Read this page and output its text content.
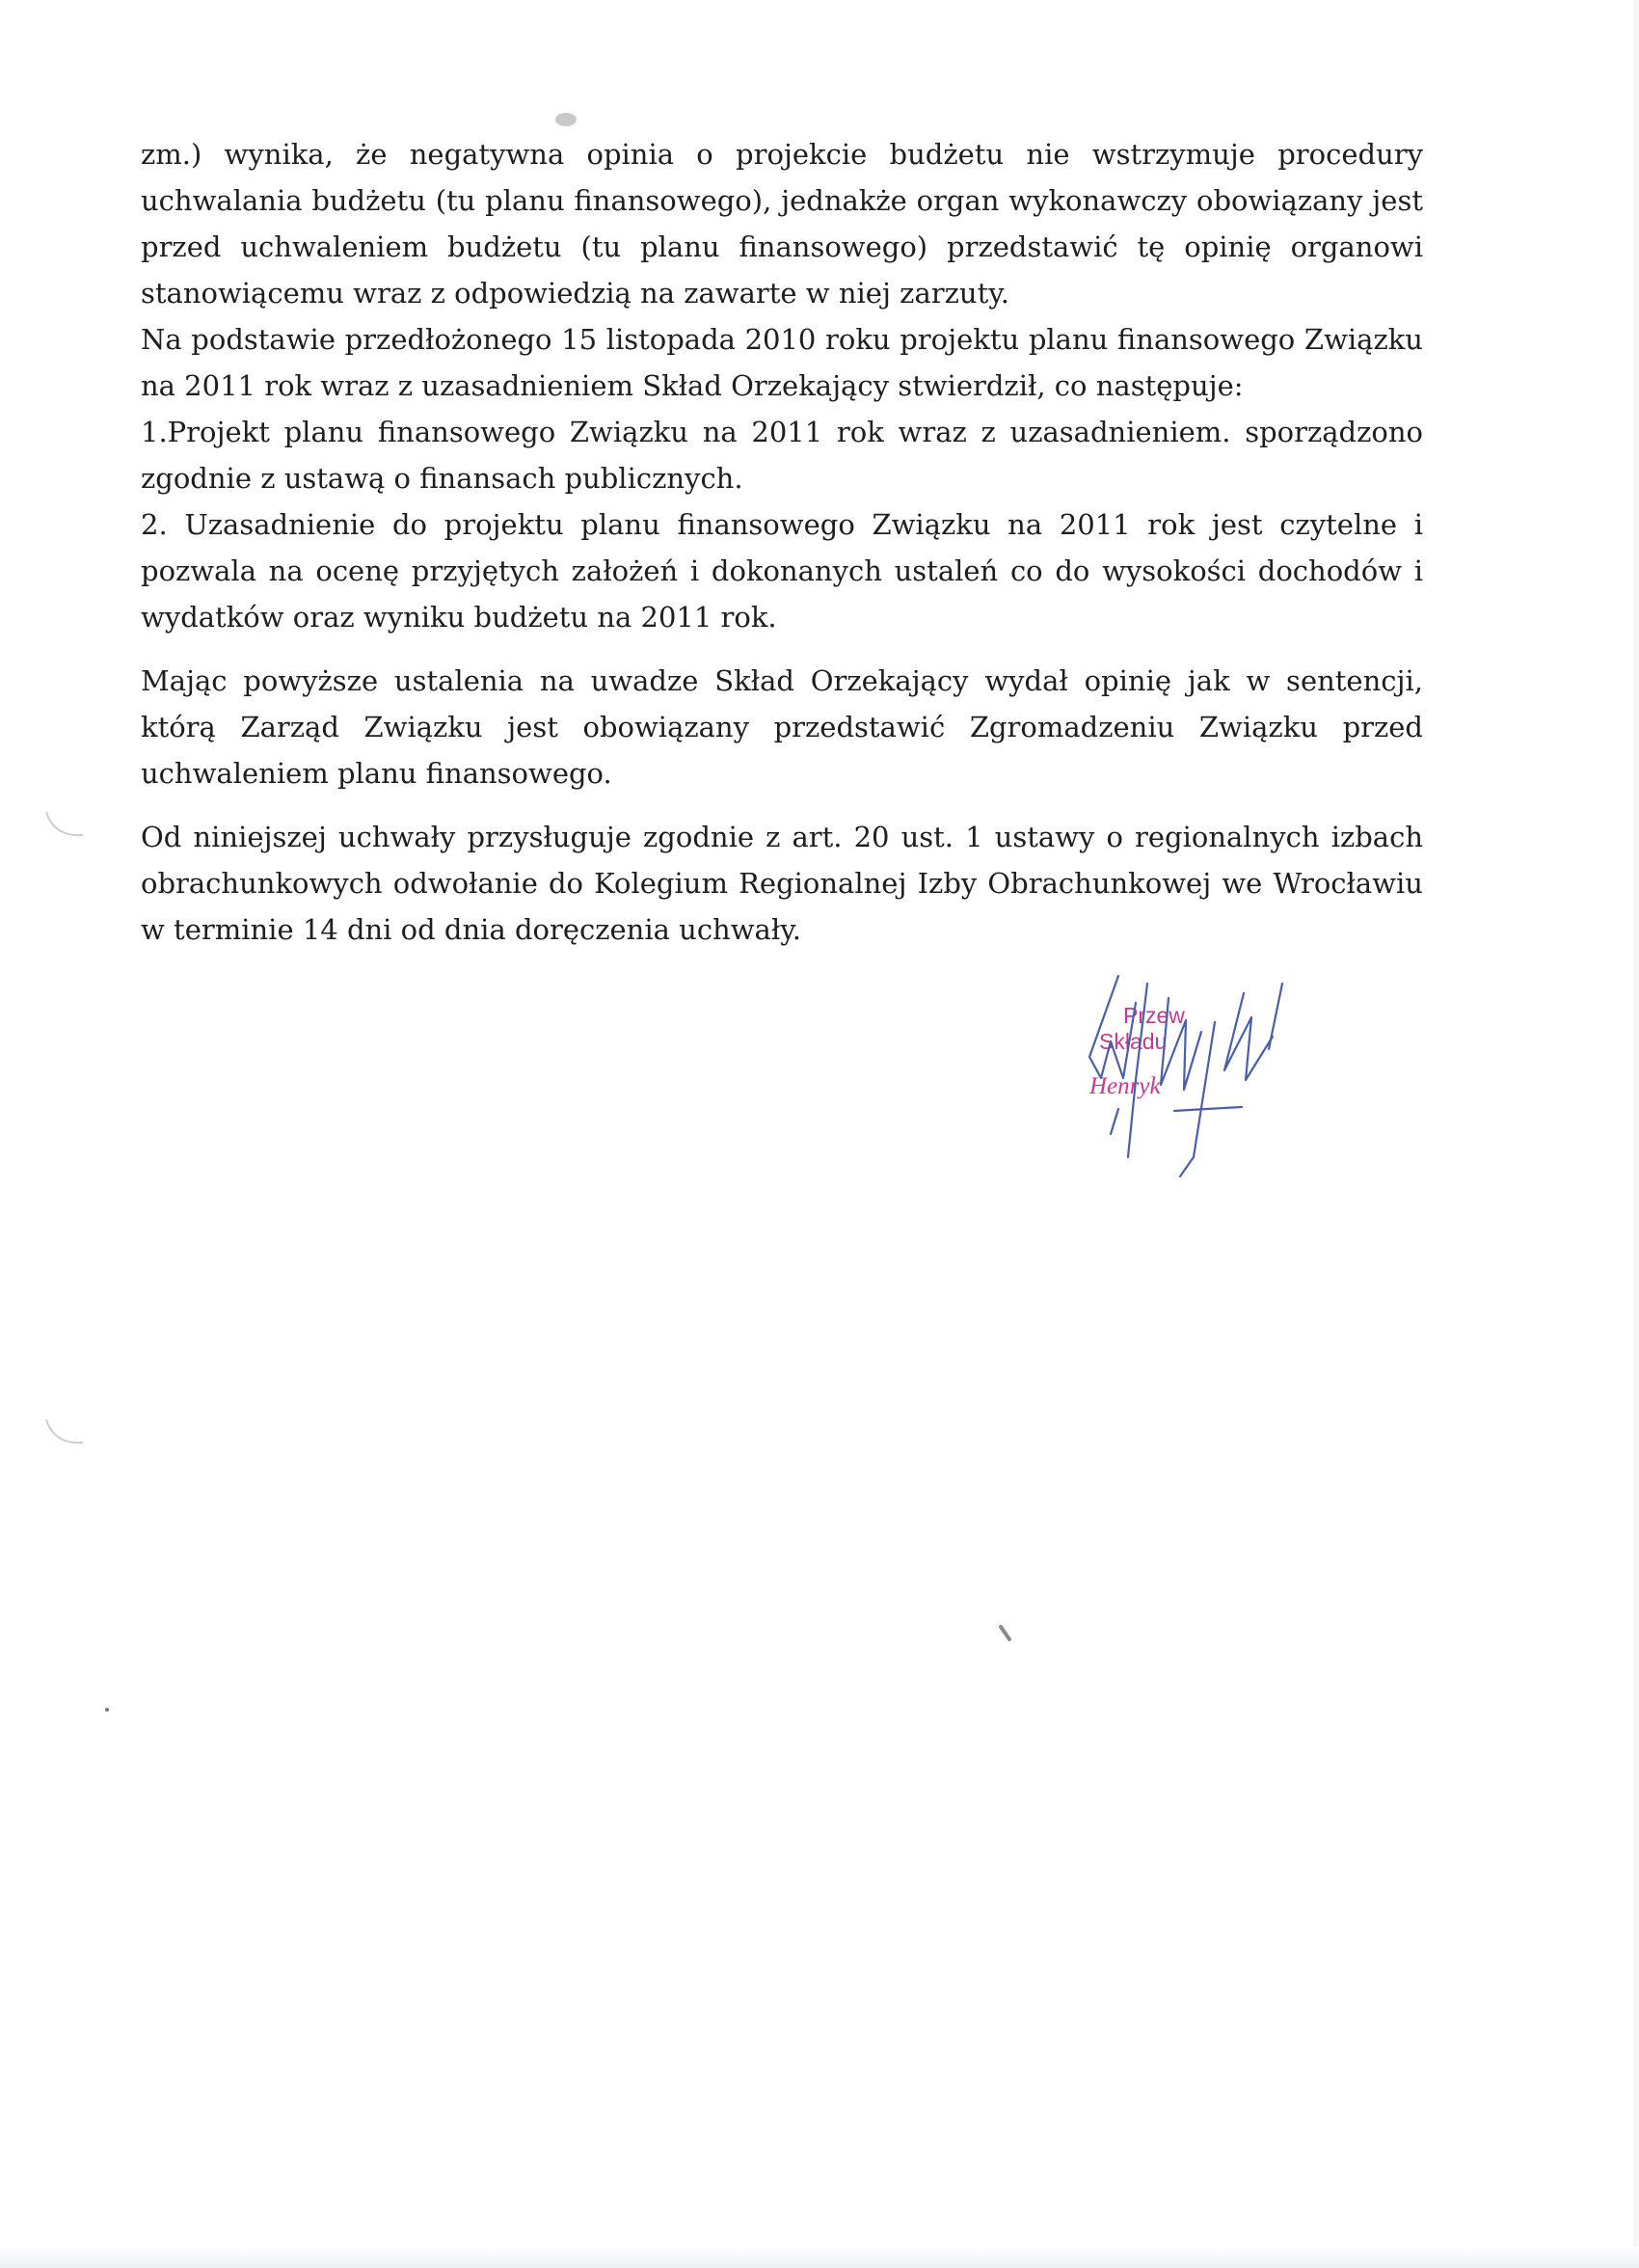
zm.) wynika, że negatywna opinia o projekcie budżetu nie wstrzymuje procedury uchwalania budżetu (tu planu finansowego), jednakże organ wykonawczy obowiązany jest przed uchwaleniem budżetu (tu planu finansowego) przedstawić tę opinię organowi stanowiącemu wraz z odpowiedzią na zawarte w niej zarzuty.

Na podstawie przedłożonego 15 listopada 2010 roku projektu planu finansowego Związku na 2011 rok wraz z uzasadnieniem Skład Orzekający stwierdził, co następuje:

1.Projekt planu finansowego Związku na 2011 rok wraz z uzasadnieniem. sporządzono zgodnie z ustawą o finansach publicznych.

2. Uzasadnienie do projektu planu finansowego Związku na 2011 rok jest czytelne i pozwala na ocenę przyjętych założeń i dokonanych ustaleń co do wysokości dochodów i wydatków oraz wyniku budżetu na 2011 rok.

Mając powyższe ustalenia na uwadze Skład Orzekający wydał opinię jak w sentencji, którą Zarząd Związku jest obowiązany przedstawić Zgromadzeniu Związku przed uchwaleniem planu finansowego.

Od niniejszej uchwały przysługuje zgodnie z art. 20 ust. 1 ustawy o regionalnych izbach obrachunkowych odwołanie do Kolegium Regionalnej Izby Obrachunkowej we Wrocławiu w terminie 14 dni od dnia doręczenia uchwały.

Przew
Składu
Henryk
